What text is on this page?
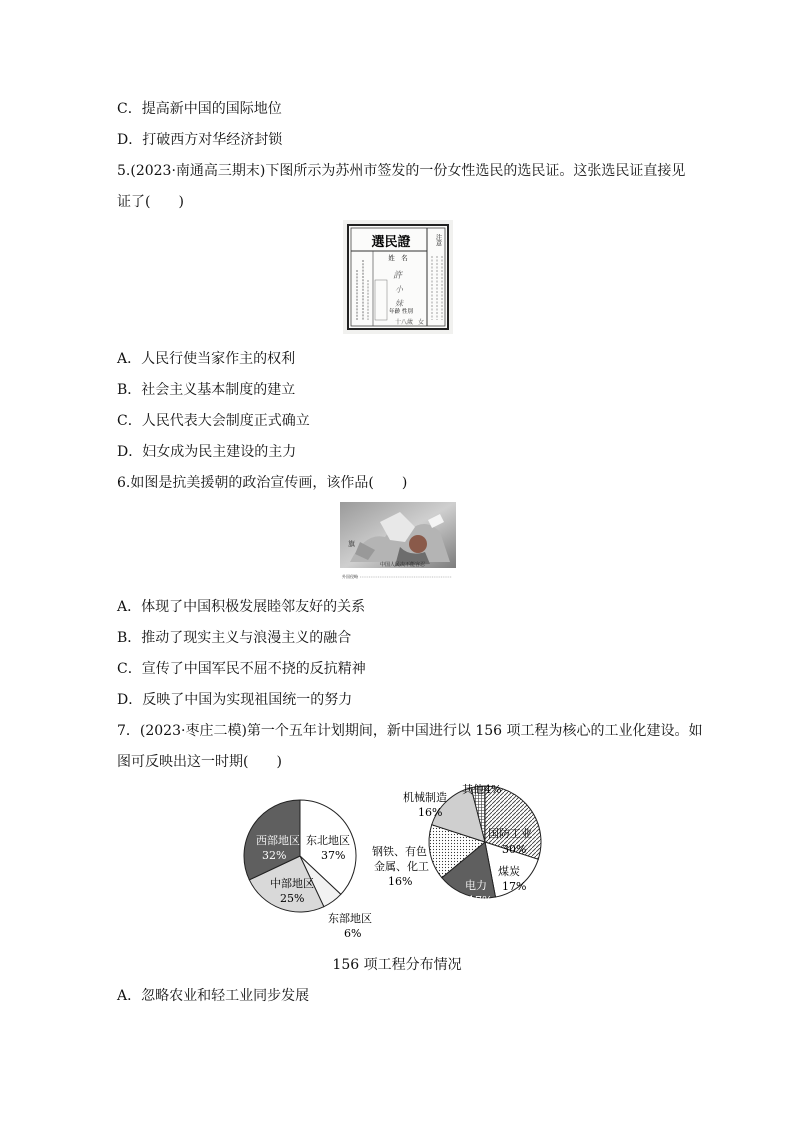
C．提高新中国的国际地位
D．打破西方对华经济封锁
5.(2023·南通高三期末)下图所示为苏州市签发的一份女性选民的选民证。这张选民证直接见
证了(　　)
選民證
姓　名
許
小
妹
年齡 性別
十八歲 女
注意
A．人民行使当家作主的权利
B．社会主义基本制度的建立
C．人民代表大会制度正式确立
D．妇女成为民主建设的主力
6.如图是抗美援朝的政治宣传画，该作品(　　)
旗
中国人民决不能容忍
外国侵略
A．体现了中国积极发展睦邻友好的关系
B．推动了现实主义与浪漫主义的融合
C．宣传了中国军民不屈不挠的反抗精神
D．反映了中国为实现祖国统一的努力
7．(2023·枣庄二模)第一个五年计划期间，新中国进行以 156 项工程为核心的工业化建设。如
图可反映出这一时期(　　)
东北地区
37%
西部地区
32%
中部地区
25%
东部地区
6%
机械制造
16%
其他4%
国防工业
30%
钢铁、有色
金属、化工
16%
煤炭
17%
电力
17%
156 项工程分布情况
A．忽略农业和轻工业同步发展
